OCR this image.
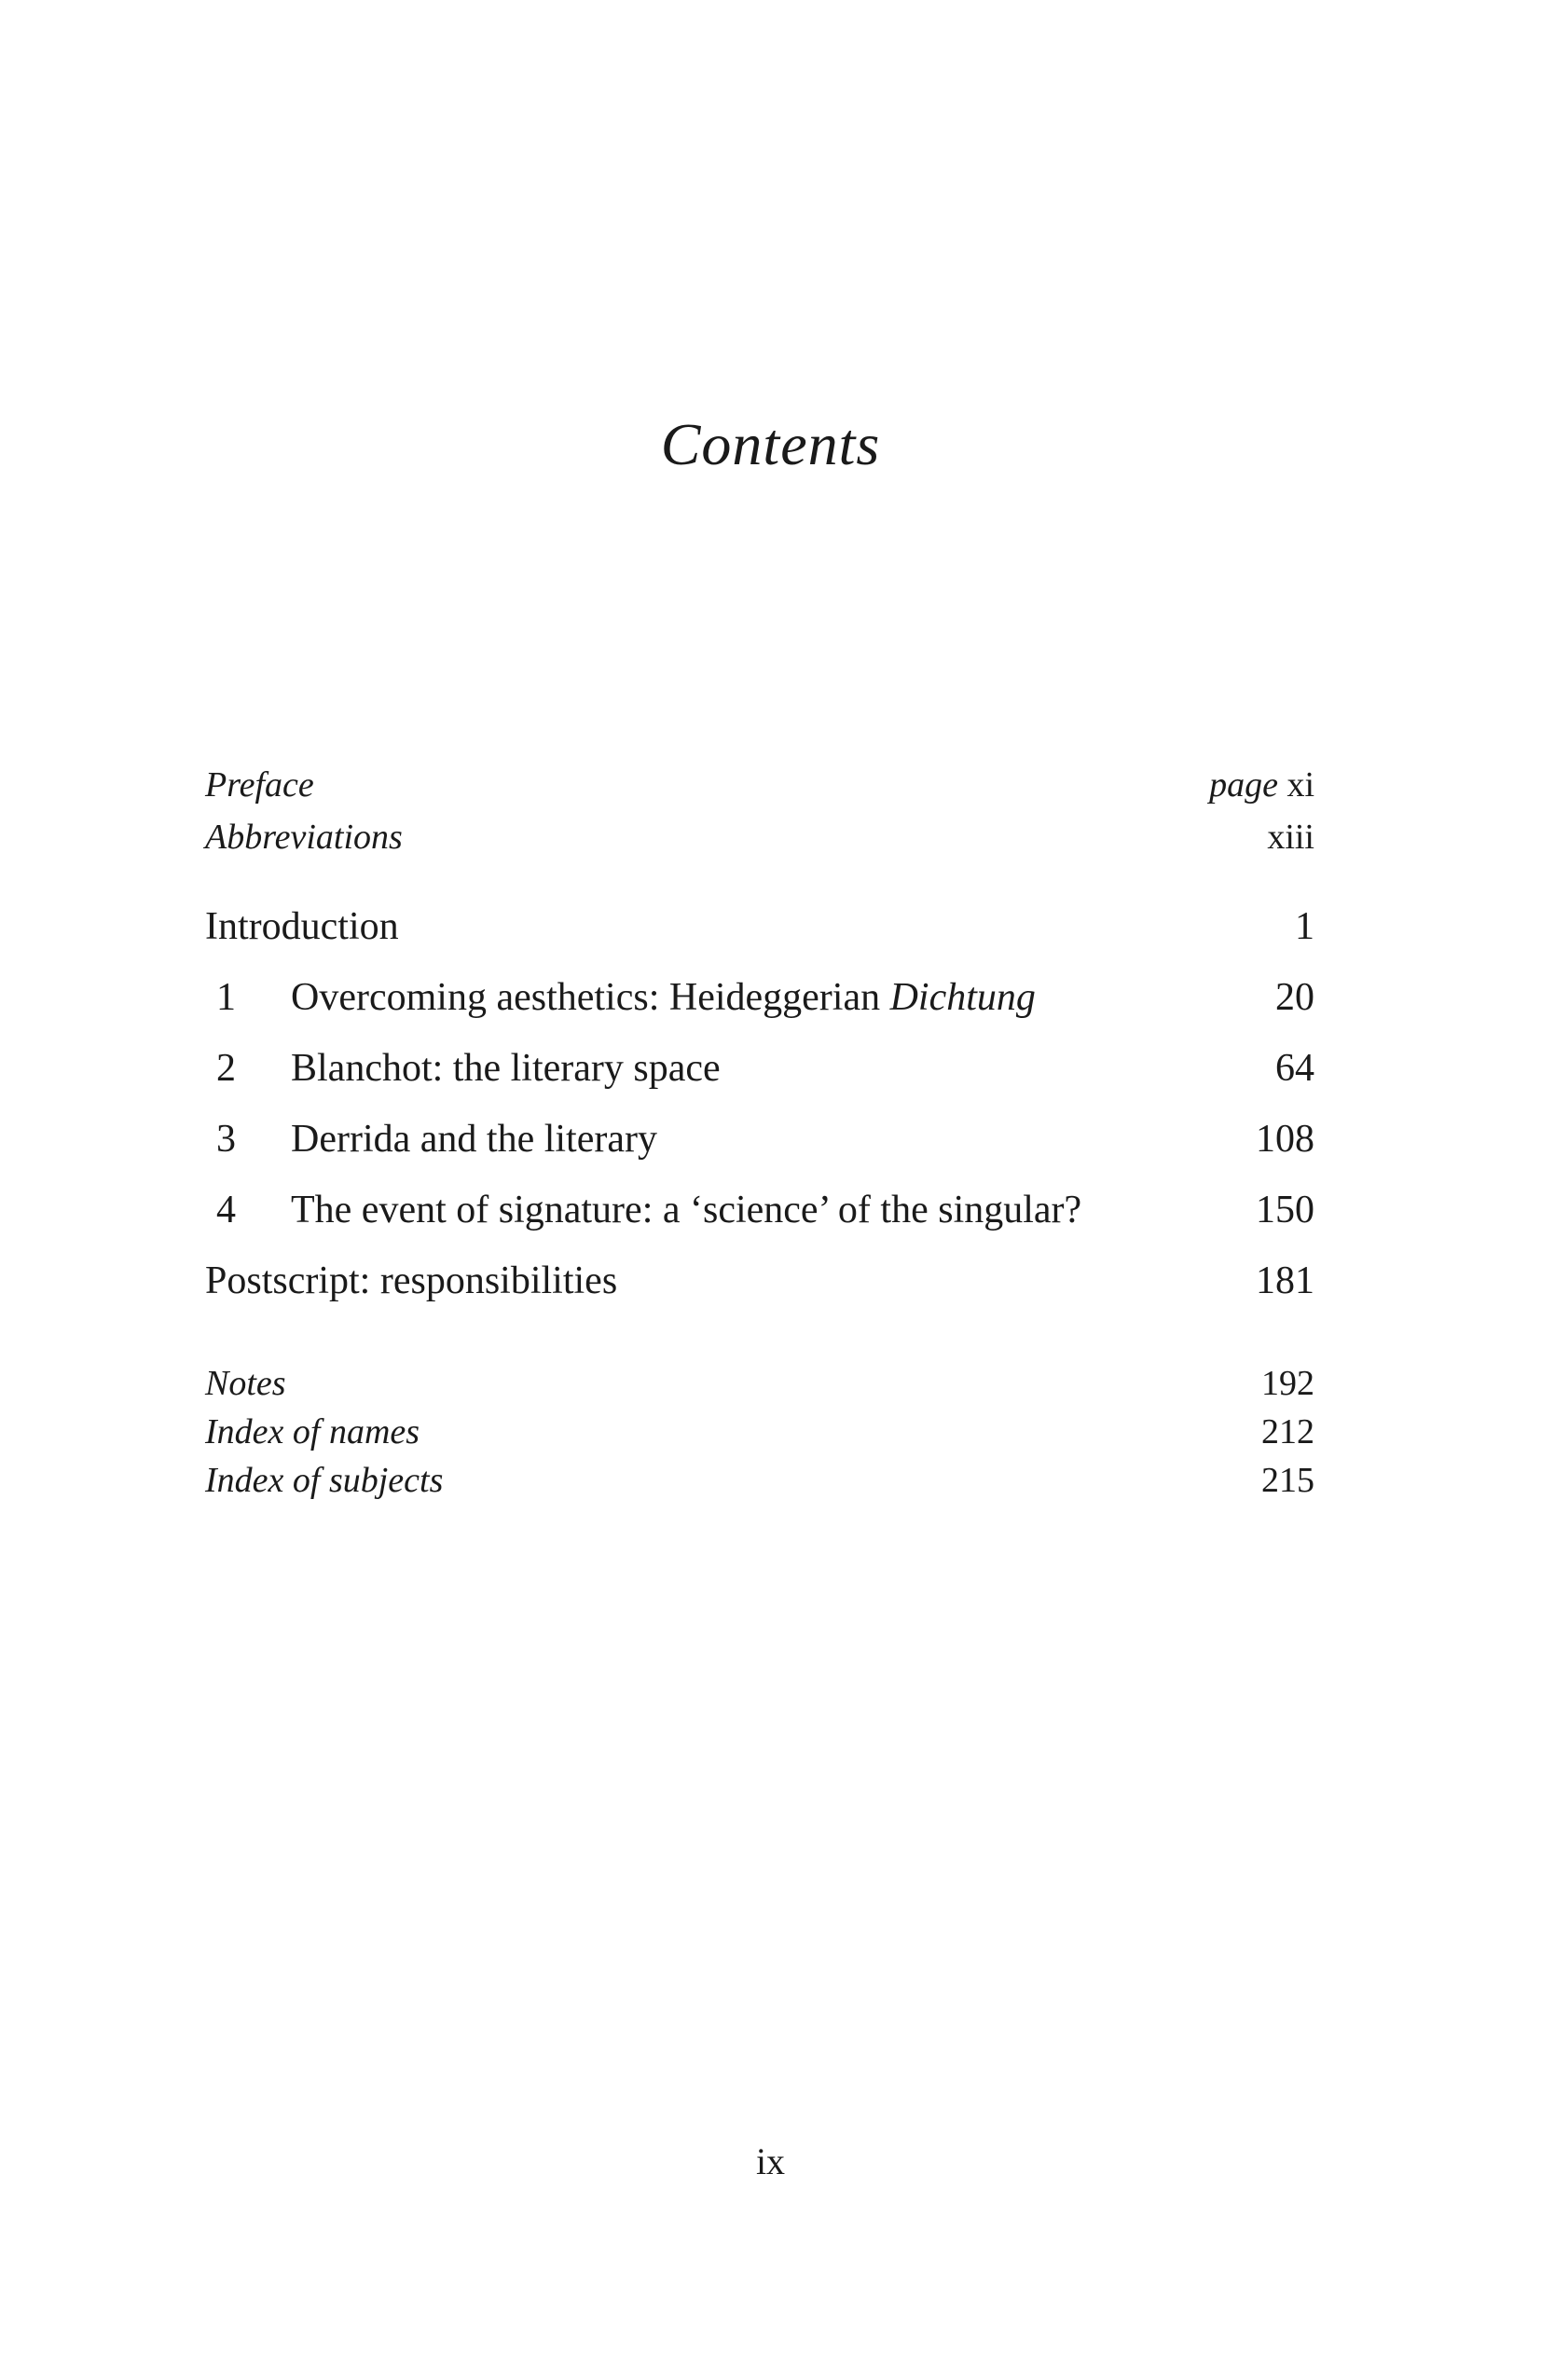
Contents
Preface	page xi
Abbreviations	xiii
Introduction	1
1	Overcoming aesthetics: Heideggerian Dichtung	20
2	Blanchot: the literary space	64
3	Derrida and the literary	108
4	The event of signature: a ‘science’ of the singular?	150
Postscript: responsibilities	181
Notes	192
Index of names	212
Index of subjects	215
ix
